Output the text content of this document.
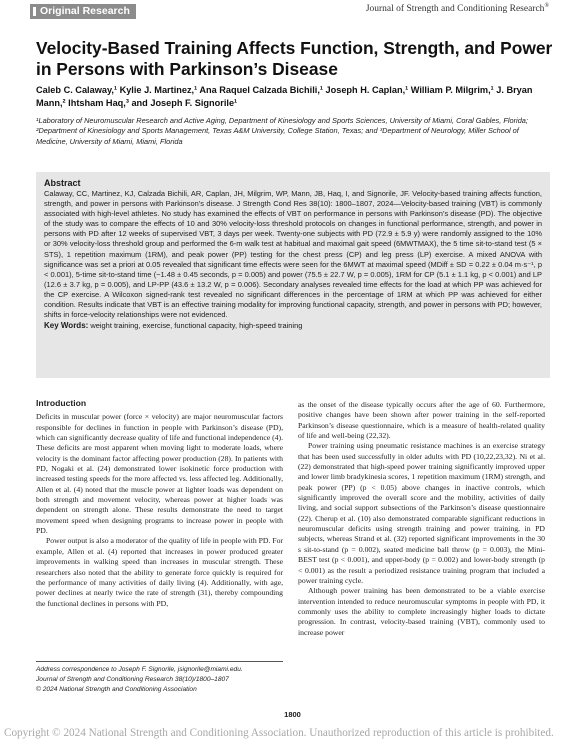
Original Research	Journal of Strength and Conditioning Research®
Velocity-Based Training Affects Function, Strength, and Power in Persons with Parkinson’s Disease
Caleb C. Calaway,¹ Kylie J. Martinez,¹ Ana Raquel Calzada Bichili,¹ Joseph H. Caplan,¹ William P. Milgrim,¹ J. Bryan Mann,² Ihtsham Haq,³ and Joseph F. Signorile¹
¹Laboratory of Neuromuscular Research and Active Aging, Department of Kinesiology and Sports Sciences, University of Miami, Coral Gables, Florida; ²Department of Kinesiology and Sports Management, Texas A&M University, College Station, Texas; and ³Department of Neurology, Miller School of Medicine, University of Miami, Miami, Florida
Abstract
Calaway, CC, Martinez, KJ, Calzada Bichili, AR, Caplan, JH, Milgrim, WP, Mann, JB, Haq, I, and Signorile, JF. Velocity-based training affects function, strength, and power in persons with Parkinson’s disease. J Strength Cond Res 38(10): 1800–1807, 2024—Velocity-based training (VBT) is commonly associated with high-level athletes. No study has examined the effects of VBT on performance in persons with Parkinson’s disease (PD). The objective of the study was to compare the effects of 10 and 30% velocity-loss threshold protocols on changes in functional performance, strength, and power in persons with PD after 12 weeks of supervised VBT, 3 days per week. Twenty-one subjects with PD (72.9 ± 5.9 y) were randomly assigned to the 10% or 30% velocity-loss threshold group and performed the 6-m walk test at habitual and maximal gait speed (6MWTMAX), the 5 time sit-to-stand test (5 × STS), 1 repetition maximum (1RM), and peak power (PP) testing for the chest press (CP) and leg press (LP) exercise. A mixed ANOVA with significance was set a priori at 0.05 revealed that significant time effects were seen for the 6MWT at maximal speed (MDiff ± SD = 0.22 ± 0.04 m·s⁻¹, p < 0.001), 5-time sit-to-stand time (−1.48 ± 0.45 seconds, p = 0.005) and power (75.5 ± 22.7 W, p = 0.005), 1RM for CP (5.1 ± 1.1 kg, p < 0.001) and LP (12.6 ± 3.7 kg, p = 0.005), and LP-PP (43.6 ± 13.2 W, p = 0.006). Secondary analyses revealed time effects for the load at which PP was achieved for the CP exercise. A Wilcoxon signed-rank test revealed no significant differences in the percentage of 1RM at which PP was achieved for either condition. Results indicate that VBT is an effective training modality for improving functional capacity, strength, and power in persons with PD; however, shifts in force-velocity relationships were not evidenced.
Key Words: weight training, exercise, functional capacity, high-speed training
Introduction

Deficits in muscular power (force × velocity) are major neuromuscular factors responsible for declines in function in people with Parkinson’s disease (PD), which can significantly decrease quality of life and functional independence (4). These deficits are most apparent when moving light to moderate loads, where velocity is the dominant factor affecting power production (28). In patients with PD, Nogaki et al. (24) demonstrated lower isokinetic force production with increased testing speeds for the more affected vs. less affected leg. Additionally, Allen et al. (4) noted that the muscle power at lighter loads was dependent on both strength and movement velocity, whereas power at higher loads was dependent on strength alone. These results demonstrate the need to target movement speed when designing programs to increase power in people with PD.

Power output is also a moderator of the quality of life in people with PD. For example, Allen et al. (4) reported that increases in power produced greater improvements in walking speed than increases in muscular strength. These researchers also noted that the ability to generate force quickly is required for the performance of many activities of daily living (4). Additionally, with age, power declines at nearly twice the rate of strength (31), thereby compounding the functional declines in persons with PD,

as the onset of the disease typically occurs after the age of 60. Furthermore, positive changes have been shown after power training in the self-reported Parkinson’s disease questionnaire, which is a measure of health-related quality of life and well-being (22,32).

Power training using pneumatic resistance machines is an exercise strategy that has been used successfully in older adults with PD (10,22,23,32). Ni et al. (22) demonstrated that high-speed power training significantly improved upper and lower limb bradykinesia scores, 1 repetition maximum (1RM) strength, and peak power (PP) (p < 0.05) above changes in inactive controls, which significantly improved the overall score and the mobility, activities of daily living, and social support subsections of the Parkinson’s disease questionnaire (22). Cherup et al. (10) also demonstrated comparable significant reductions in neuromuscular deficits using strength training and power training, in PD subjects, whereas Strand et al. (32) reported significant improvements in the 30 s sit-to-stand (p = 0.002), seated medicine ball throw (p = 0.003), the Mini-BEST test (p < 0.001), and upper-body (p = 0.002) and lower-body strength (p < 0.001) as the result a periodized resistance training program that included a power training cycle.

Although power training has been demonstrated to be a viable exercise intervention intended to reduce neuromuscular symptoms in people with PD, it commonly uses the ability to complete increasingly higher loads to dictate progression. In contrast, velocity-based training (VBT), commonly used to increase power

Address correspondence to Joseph F. Signorile, jsignorile@miami.edu.
Journal of Strength and Conditioning Research 38(10)/1800–1807
© 2024 National Strength and Conditioning Association
1800
Copyright © 2024 National Strength and Conditioning Association. Unauthorized reproduction of this article is prohibited.
